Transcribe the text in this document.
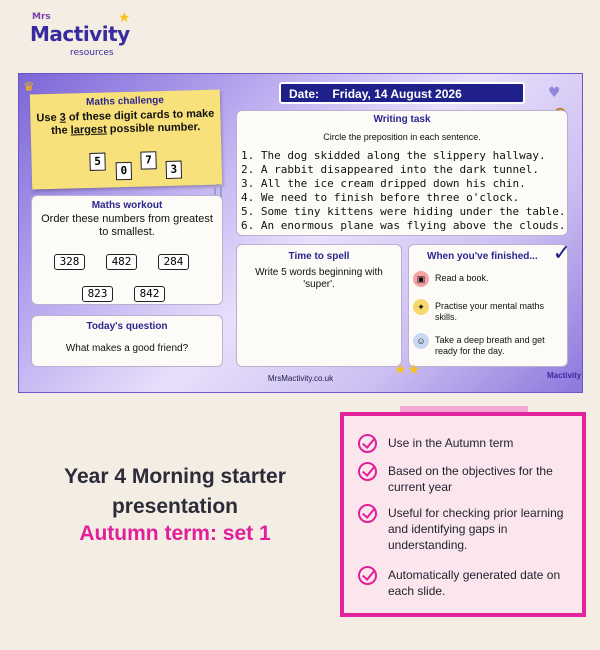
Mrs
Mactivity
resources
★
♛	♥
Date: Friday, 14 August 2026
Maths challenge
Use 3 of these digit cards to make the largest possible number.
5
0
7
3
Maths workout
Order these numbers from greatest to smallest.
328	482	284
823	842
Today's question
What makes a good friend?
Writing task
Circle the preposition in each sentence.
1. The dog skidded along the slippery hallway.
2. A rabbit disappeared into the dark tunnel.
3. All the ice cream dripped down his chin.
4. We need to finish before three o'clock.
5. Some tiny kittens were hiding under the table.
6. An enormous plane was flying above the clouds.
Time to spell
Write 5 words beginning with 'super'.
When you've finished... ✓
▣	Read a book.
✦	Practise your mental maths skills.
☺	Take a deep breath and get ready for the day.
★★
MrsMactivity.co.uk	Mactivity
Year 4 Morning starter
presentation
Autumn term: set 1
Use in the Autumn term
Based on the objectives for the current year
Useful for checking prior learning and identifying gaps in understanding.
Automatically generated date on each slide.
